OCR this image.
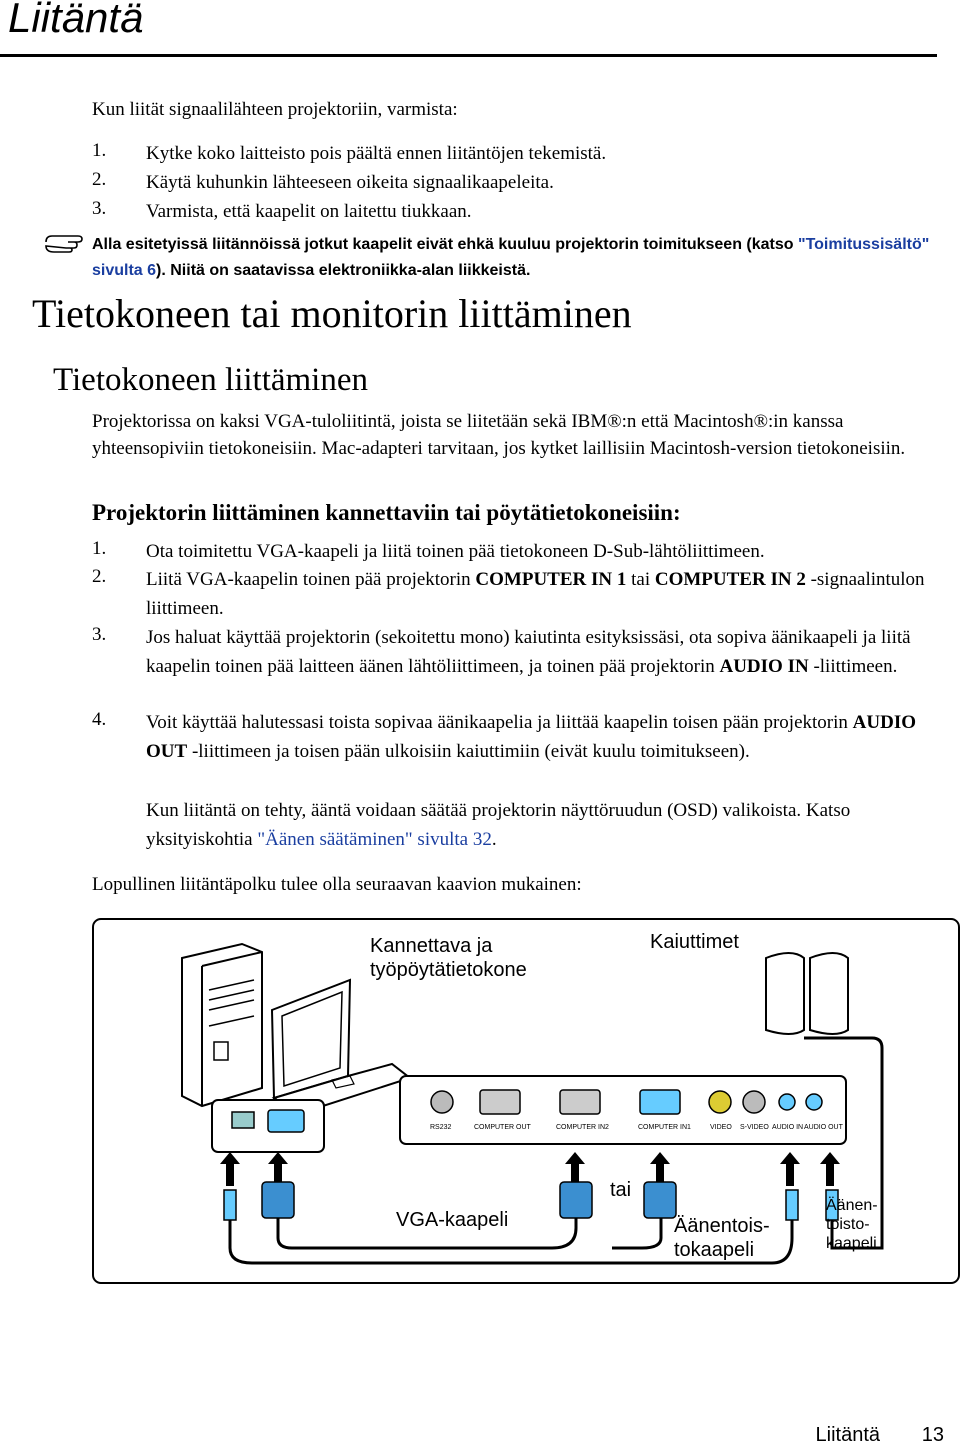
Liitäntä
Kun liität signaalilähteen projektoriin, varmista:
1. Kytke koko laitteisto pois päältä ennen liitäntöjen tekemistä.
2. Käytä kuhunkin lähteeseen oikeita signaalikaapeleita.
3. Varmista, että kaapelit on laitettu tiukkaan.
Alla esitetyissä liitännöissä jotkut kaapelit eivät ehkä kuuluu projektorin toimitukseen (katso "Toimitussisältö" sivulta 6). Niitä on saatavissa elektroniikka-alan liikkeistä.
Tietokoneen tai monitorin liittäminen
Tietokoneen liittäminen
Projektorissa on kaksi VGA-tuloliitintä, joista se liitetään sekä IBM®:n että Macintosh®:in kanssa yhteensopiviin tietokoneisiin. Mac-adapteri tarvitaan, jos kytket laillisiin Macintosh-version tietokoneisiin.
Projektorin liittäminen kannettaviin tai pöytätietokoneisiin:
1. Ota toimitettu VGA-kaapeli ja liitä toinen pää tietokoneen D-Sub-lähtöliittimeen.
2. Liitä VGA-kaapelin toinen pää projektorin COMPUTER IN 1 tai COMPUTER IN 2 -signaalintulon liittimeen.
3. Jos haluat käyttää projektorin (sekoitettu mono) kaiutinta esityksissäsi, ota sopiva äänikaapeli ja liitä kaapelin toinen pää laitteen äänen lähtöliittimeen, ja toinen pää projektorin AUDIO IN -liittimeen.
4. Voit käyttää halutessasi toista sopivaa äänikaapelia ja liittää kaapelin toisen pään projektorin AUDIO OUT -liittimeen ja toisen pään ulkoisiin kaiuttimiin (eivät kuulu toimitukseen).
Kun liitäntä on tehty, ääntä voidaan säätää projektorin näyttöruudun (OSD) valikoista. Katso yksityiskohtia "Äänen säätäminen" sivulta 32.
Lopullinen liitäntäpolku tulee olla seuraavan kaavion mukainen:
Kannettava ja työpöytätietokone
Kaiuttimet
VGA-kaapeli
tai
Äänentois-tokaapeli
Äänen-toisto-kaapeli
RS232	COMPUTER OUT	COMPUTER IN2	COMPUTER IN1	VIDEO S-VIDEO AUDIO IN AUDIO OUT
Liitäntä 13
